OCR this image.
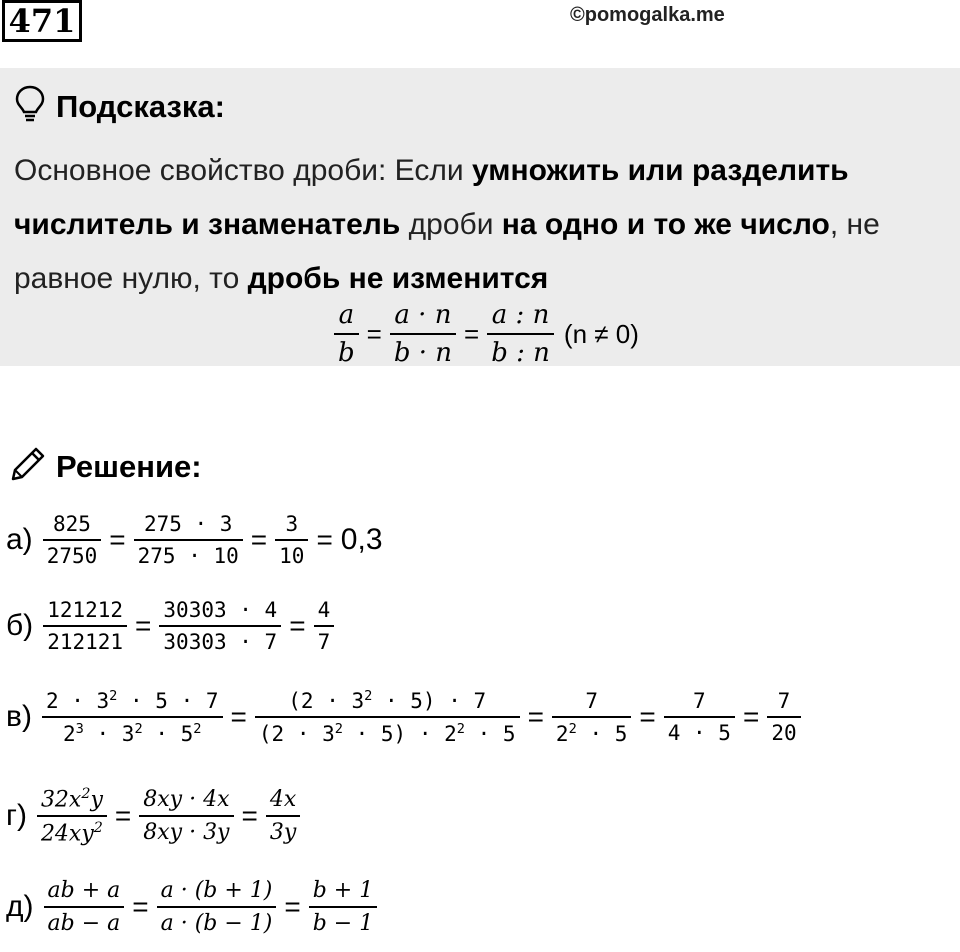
471	©pomogalka.me
Подсказка:
Основное свойство дроби: Если умножить или разделить
числитель и знаменатель дроби на одно и то же число, не равное нулю, то дробь не изменится
$\frac{a}{b} = \frac{a \cdot n}{b \cdot n} = \frac{a : n}{b : n} (n \ne 0)$
Решение:
$а) \frac{825}{2750} = \frac{275 \cdot 3}{275 \cdot 10} = \frac{3}{10} = 0,3$
$б) \frac{121212}{212121} = \frac{30303 \cdot 4}{30303 \cdot 7} = \frac{4}{7}$
$в) \frac{2 \cdot 3^2 \cdot 5 \cdot 7}{2^3 \cdot 3^2 \cdot 5^2} = \frac{(2 \cdot 3^2 \cdot 5) \cdot 7}{(2 \cdot 3^2 \cdot 5) \cdot 2^2 \cdot 5} = \frac{7}{2^2 \cdot 5} = \frac{7}{4 \cdot 5} = \frac{7}{20}$
$г) \frac{32x^2y}{24xy^2} = \frac{8xy \cdot 4x}{8xy \cdot 3y} = \frac{4x}{3y}$
$д) \frac{ab + a}{ab - a} = \frac{a \cdot (b + 1)}{a \cdot (b - 1)} = \frac{b + 1}{b - 1}$
